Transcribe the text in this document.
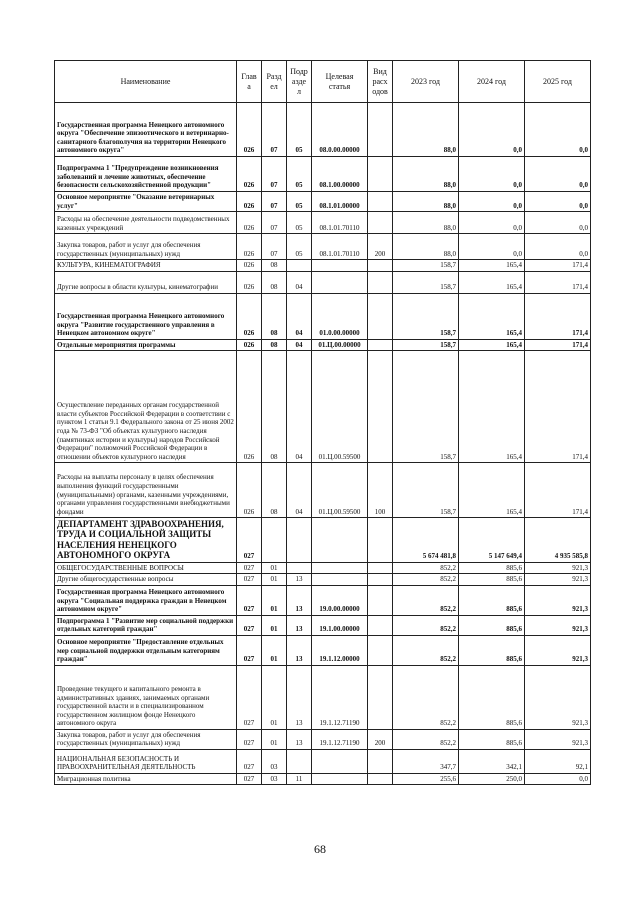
Наименование	Глав а	Разд ел	Подр азде л	Целевая статья	Вид расх одов	2023 год	2024 год	2025 год
Государственная программа Ненецкого автономного округа "Обеспечение эпизоотического и ветеринарно-санитарного благополучия на территории Ненецкого автономного округа"	026	07	05	08.0.00.00000		88,0	0,0	0,0
Подпрограмма 1 "Предупреждение возникновения заболеваний и лечение животных, обеспечение безопасности сельскохозяйственной продукции"	026	07	05	08.1.00.00000		88,0	0,0	0,0
Основное мероприятие "Оказание ветеринарных услуг"	026	07	05	08.1.01.00000		88,0	0,0	0,0
Расходы на обеспечение деятельности подведомственных казенных учреждений	026	07	05	08.1.01.70110		88,0	0,0	0,0
Закупка товаров, работ и услуг для обеспечения государственных (муниципальных) нужд	026	07	05	08.1.01.70110	200	88,0	0,0	0,0
КУЛЬТУРА, КИНЕМАТОГРАФИЯ	026	08				158,7	165,4	171,4
Другие вопросы в области культуры, кинематографии	026	08	04			158,7	165,4	171,4
Государственная программа Ненецкого автономного округа "Развитие государственного управления в Ненецком автономном округе"	026	08	04	01.0.00.00000		158,7	165,4	171,4
Отдельные мероприятия программы	026	08	04	01.Ц.00.00000		158,7	165,4	171,4
Осуществление переданных органам государственной власти субъектов Российской Федерации в соответствии с пунктом 1 статьи 9.1 Федерального закона от 25 июня 2002 года № 73-ФЗ "Об объектах культурного наследия (памятниках истории и культуры) народов Российской Федерации" полномочий Российской Федерации в отношении объектов культурного наследия	026	08	04	01.Ц.00.59500		158,7	165,4	171,4
Расходы на выплаты персоналу в целях обеспечения выполнения функций государственными (муниципальными) органами, казенными учреждениями, органами управления государственными внебюджетными фондами	026	08	04	01.Ц.00.59500	100	158,7	165,4	171,4
ДЕПАРТАМЕНТ ЗДРАВООХРАНЕНИЯ, ТРУДА И СОЦИАЛЬНОЙ ЗАЩИТЫ НАСЕЛЕНИЯ НЕНЕЦКОГО АВТОНОМНОГО ОКРУГА	027					5 674 481,8	5 147 649,4	4 935 585,8
ОБЩЕГОСУДАРСТВЕННЫЕ ВОПРОСЫ	027	01				852,2	885,6	921,3
Другие общегосударственные вопросы	027	01	13			852,2	885,6	921,3
Государственная программа Ненецкого автономного округа "Социальная поддержка граждан в Ненецком автономном округе"	027	01	13	19.0.00.00000		852,2	885,6	921,3
Подпрограмма 1 "Развитие мер социальной поддержки отдельных категорий граждан"	027	01	13	19.1.00.00000		852,2	885,6	921,3
Основное мероприятие "Предоставление отдельных мер социальной поддержки отдельным категориям граждан"	027	01	13	19.1.12.00000		852,2	885,6	921,3
Проведение текущего и капитального ремонта в административных зданиях, занимаемых органами государственной власти и в специализированном государственном жилищном фонде Ненецкого автономного округа	027	01	13	19.1.12.71190		852,2	885,6	921,3
Закупка товаров, работ и услуг для обеспечения государственных (муниципальных) нужд	027	01	13	19.1.12.71190	200	852,2	885,6	921,3
НАЦИОНАЛЬНАЯ БЕЗОПАСНОСТЬ И ПРАВООХРАНИТЕЛЬНАЯ ДЕЯТЕЛЬНОСТЬ	027	03				347,7	342,1	92,1
Миграционная политика	027	03	11			255,6	250,0	0,0
68
